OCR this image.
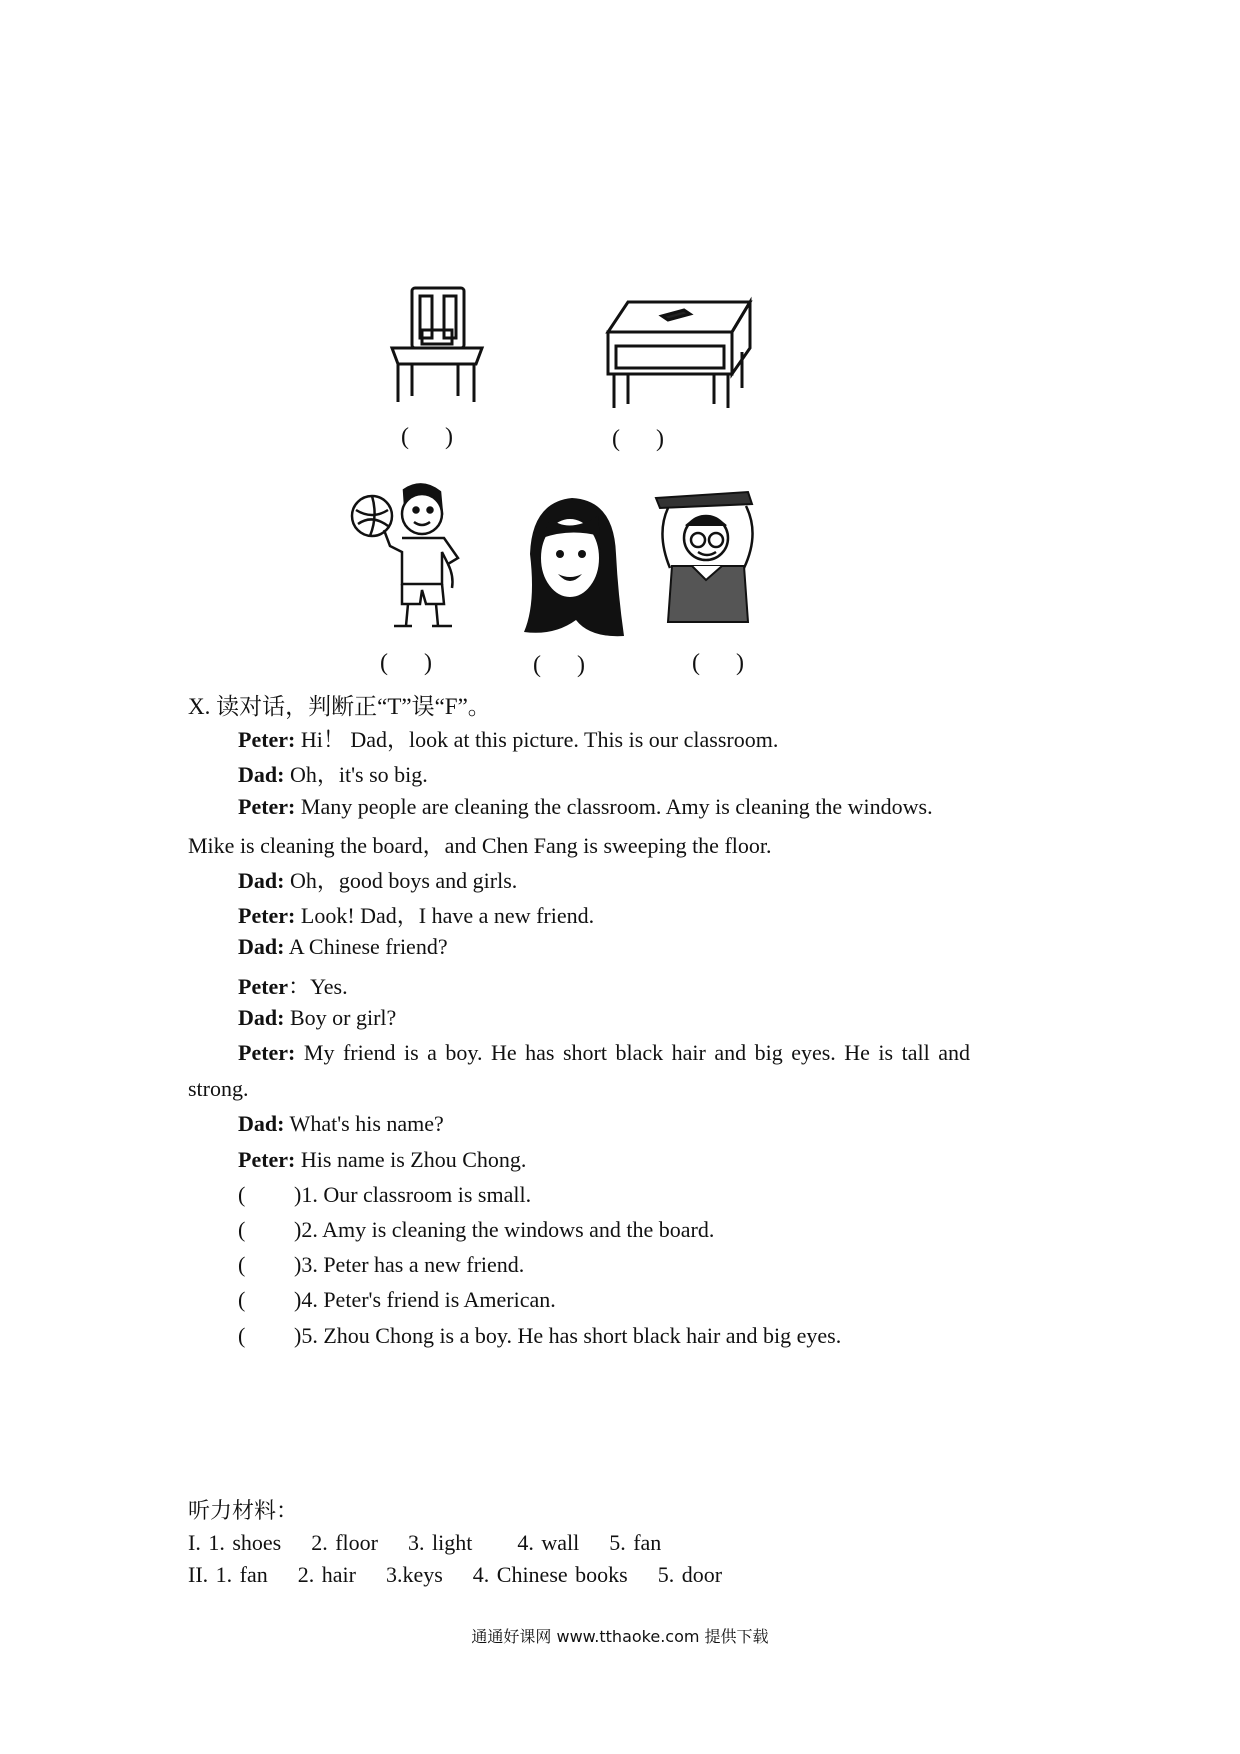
(      )	(      )
(      )	(      )	(      )
X. 读对话，判断正“T”误“F”。
Peter: Hi！ Dad，look at this picture. This is our classroom.
Dad: Oh，it's so big.
Peter: Many people are cleaning the classroom. Amy is cleaning the windows.
Mike is cleaning the board，and Chen Fang is sweeping the floor.
Dad: Oh，good boys and girls.
Peter: Look! Dad，I have a new friend.
Dad: A Chinese friend?
Peter：Yes.
Dad: Boy or girl?
Peter: My friend is a boy. He has short black hair and big eyes. He is tall and
strong.
Dad: What's his name?
Peter: His name is Zhou Chong.
( )1. Our classroom is small.
( )2. Amy is cleaning the windows and the board.
( )3. Peter has a new friend.
( )4. Peter's friend is American.
( )5. Zhou Chong is a boy. He has short black hair and big eyes.
听力材料：
I. 1. shoes    2. floor    3. light      4. wall    5. fan
II. 1. fan    2. hair    3.keys    4. Chinese books    5. door
通通好课网 www.tthaoke.com 提供下载
